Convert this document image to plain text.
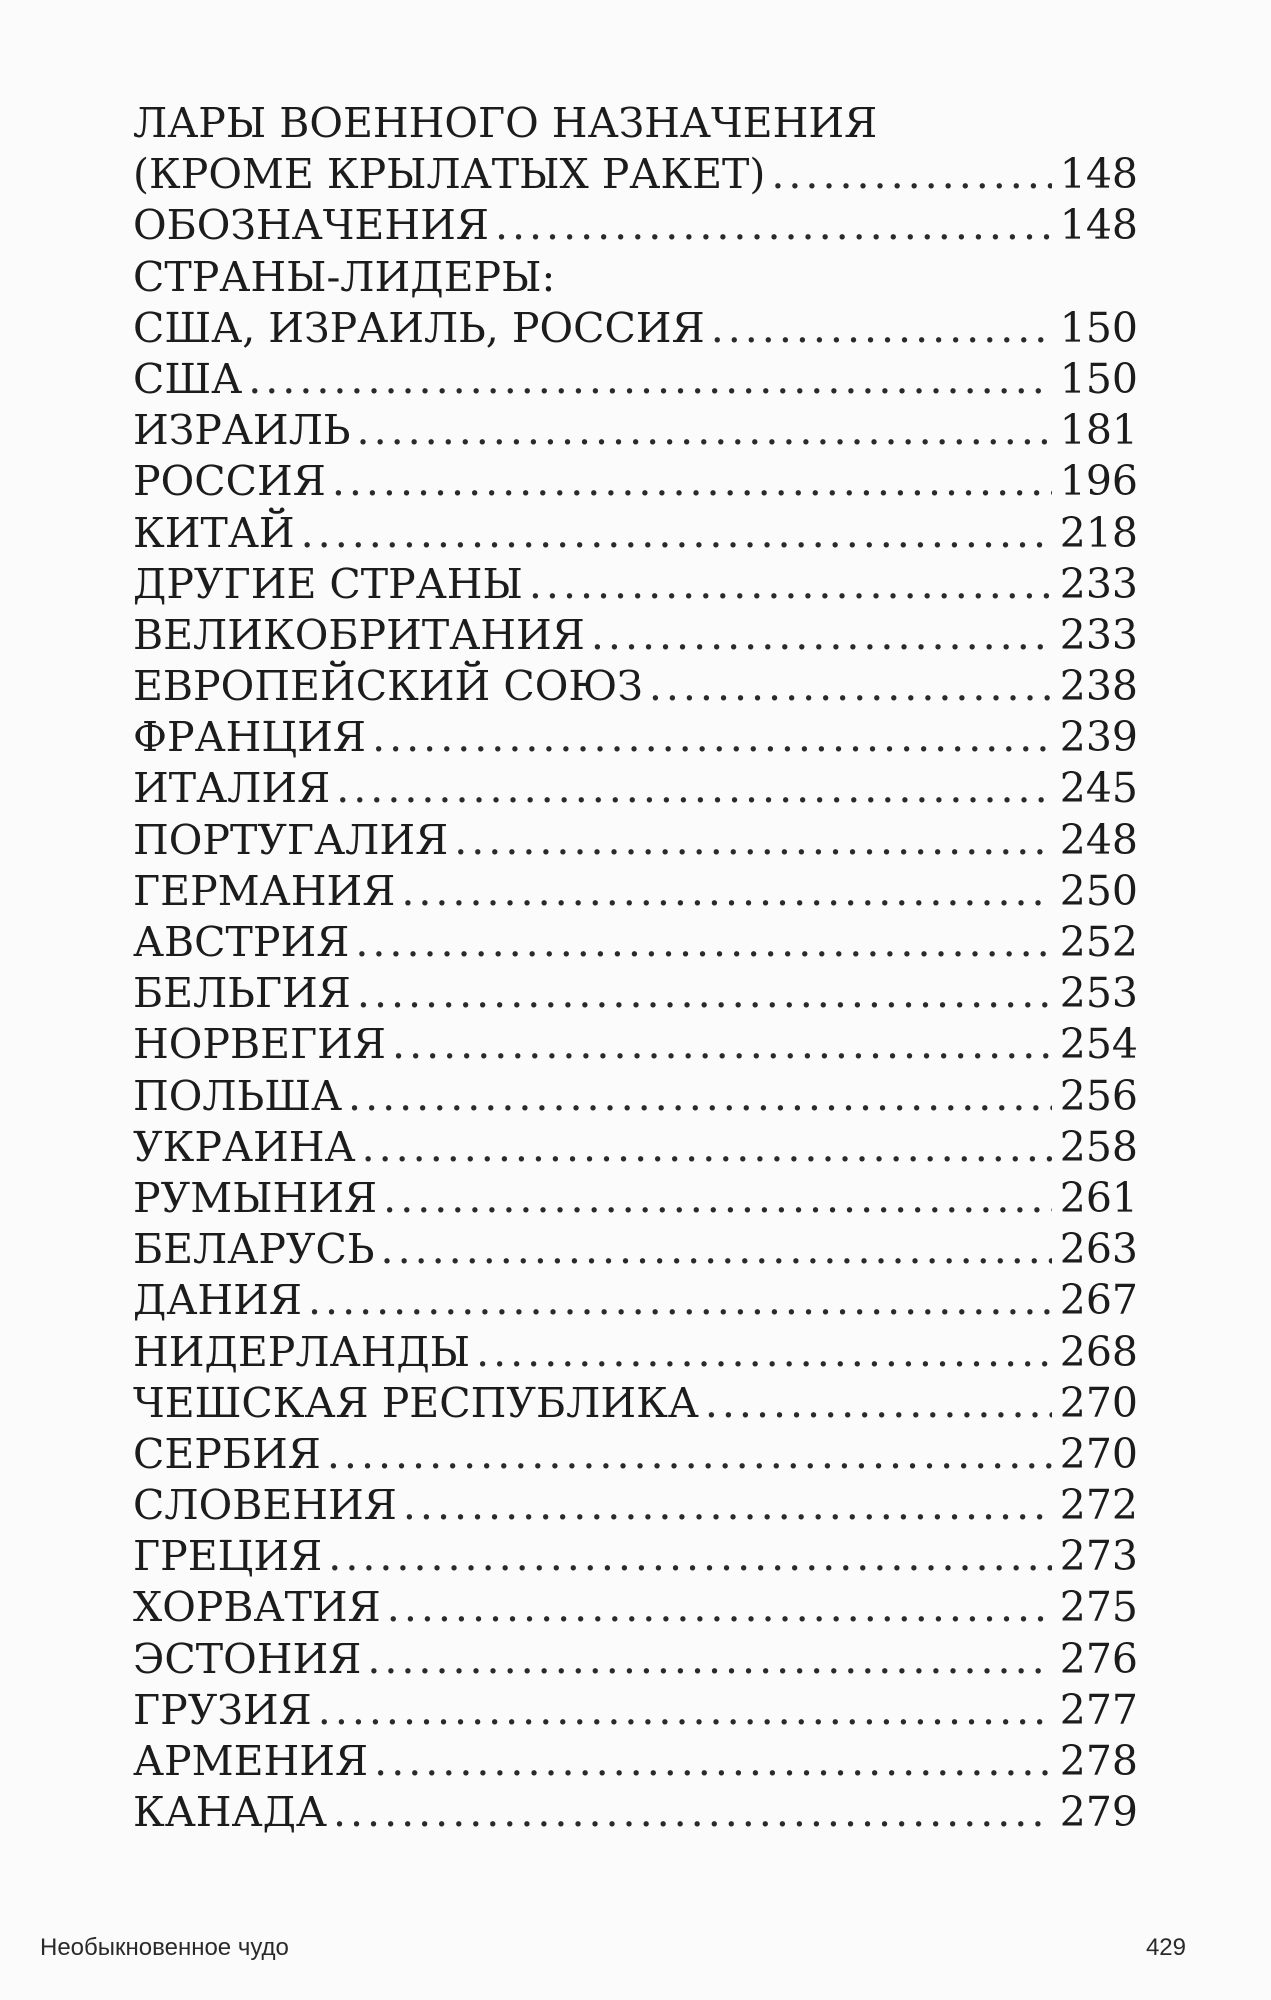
ЛАРЫ ВОЕННОГО НАЗНАЧЕНИЯ
(КРОМЕ КРЫЛАТЫХ РАКЕТ) .....	148
ОБОЗНАЧЕНИЯ .....	148
СТРАНЫ-ЛИДЕРЫ:
США, ИЗРАИЛЬ, РОССИЯ .....	150
США .....	150
ИЗРАИЛЬ .....	181
РОССИЯ .....	196
КИТАЙ .....	218
ДРУГИЕ СТРАНЫ .....	233
ВЕЛИКОБРИТАНИЯ .....	233
ЕВРОПЕЙСКИЙ СОЮЗ .....	238
ФРАНЦИЯ .....	239
ИТАЛИЯ .....	245
ПОРТУГАЛИЯ .....	248
ГЕРМАНИЯ .....	250
АВСТРИЯ .....	252
БЕЛЬГИЯ .....	253
НОРВЕГИЯ .....	254
ПОЛЬША .....	256
УКРАИНА .....	258
РУМЫНИЯ .....	261
БЕЛАРУСЬ .....	263
ДАНИЯ .....	267
НИДЕРЛАНДЫ .....	268
ЧЕШСКАЯ РЕСПУБЛИКА .....	270
СЕРБИЯ .....	270
СЛОВЕНИЯ .....	272
ГРЕЦИЯ .....	273
ХОРВАТИЯ .....	275
ЭСТОНИЯ .....	276
ГРУЗИЯ .....	277
АРМЕНИЯ .....	278
КАНАДА .....	279
Необыкновенное чудо	429
